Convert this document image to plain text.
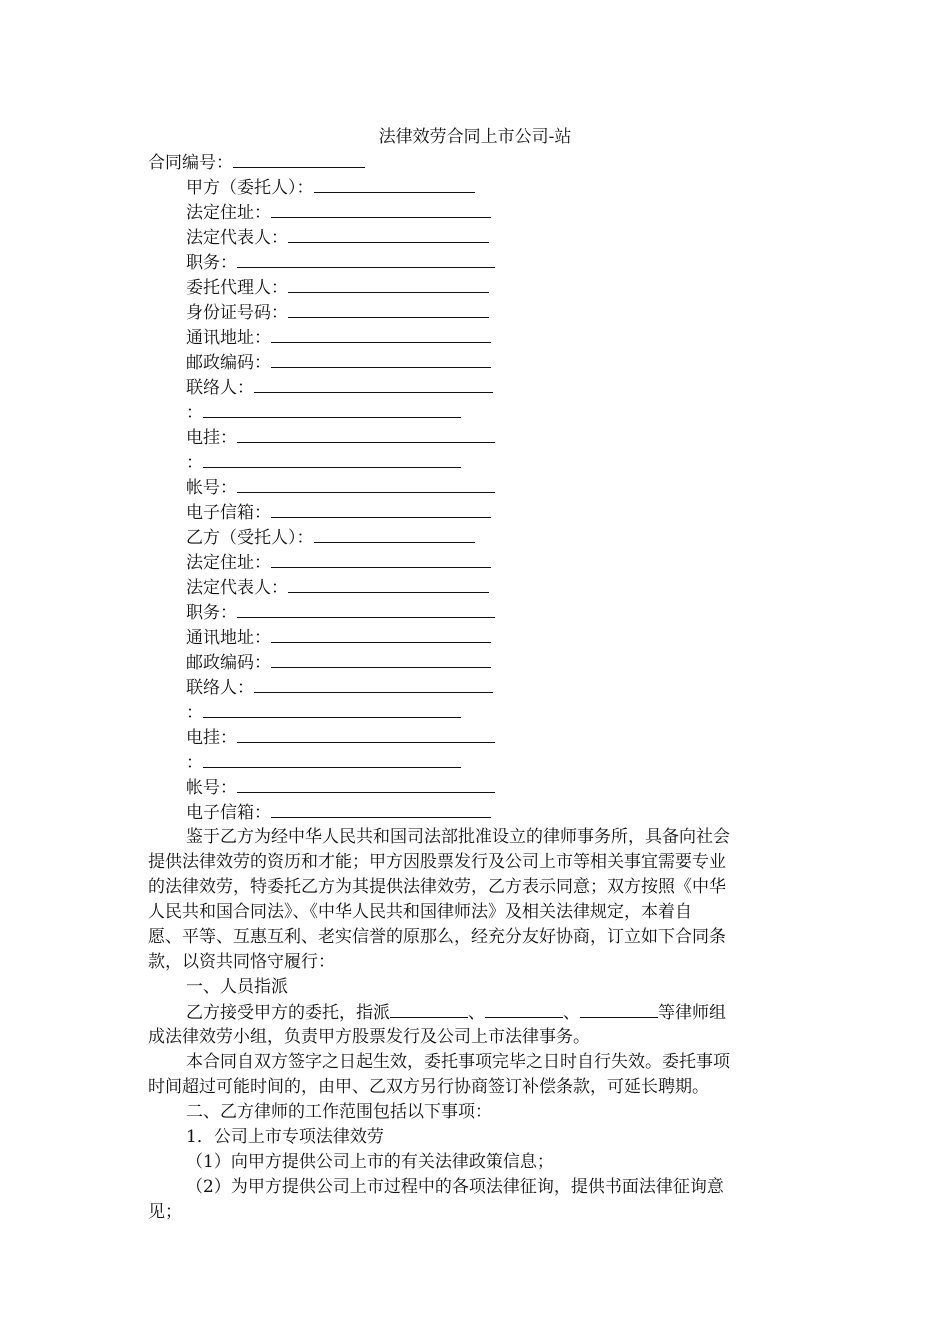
法律效劳合同上市公司-站
合同编号：
甲方（委托人）：
法定住址：
法定代表人：
职务：
委托代理人：
身份证号码：
通讯地址：
邮政编码：
联络人：
：
电挂：
：
帐号：
电子信箱：
乙方（受托人）：
法定住址：
法定代表人：
职务：
通讯地址：
邮政编码：
联络人：
：
电挂：
：
帐号：
电子信箱：
鉴于乙方为经中华人民共和国司法部批准设立的律师事务所，具备向社会
提供法律效劳的资历和才能；甲方因股票发行及公司上市等相关事宜需要专业
的法律效劳，特委托乙方为其提供法律效劳，乙方表示同意；双方按照《中华
人民共和国合同法》、《中华人民共和国律师法》及相关法律规定，本着自
愿、平等、互惠互利、老实信誉的原那么，经充分友好协商，订立如下合同条
款，以资共同恪守履行：
一、人员指派
乙方接受甲方的委托，指派	、	、	等律师组
成法律效劳小组，负责甲方股票发行及公司上市法律事务。
本合同自双方签字之日起生效，委托事项完毕之日时自行失效。委托事项
时间超过可能时间的，由甲、乙双方另行协商签订补偿条款，可延长聘期。
二、乙方律师的工作范围包括以下事项：
1．公司上市专项法律效劳
（1）向甲方提供公司上市的有关法律政策信息；
（2）为甲方提供公司上市过程中的各项法律征询，提供书面法律征询意
见；
